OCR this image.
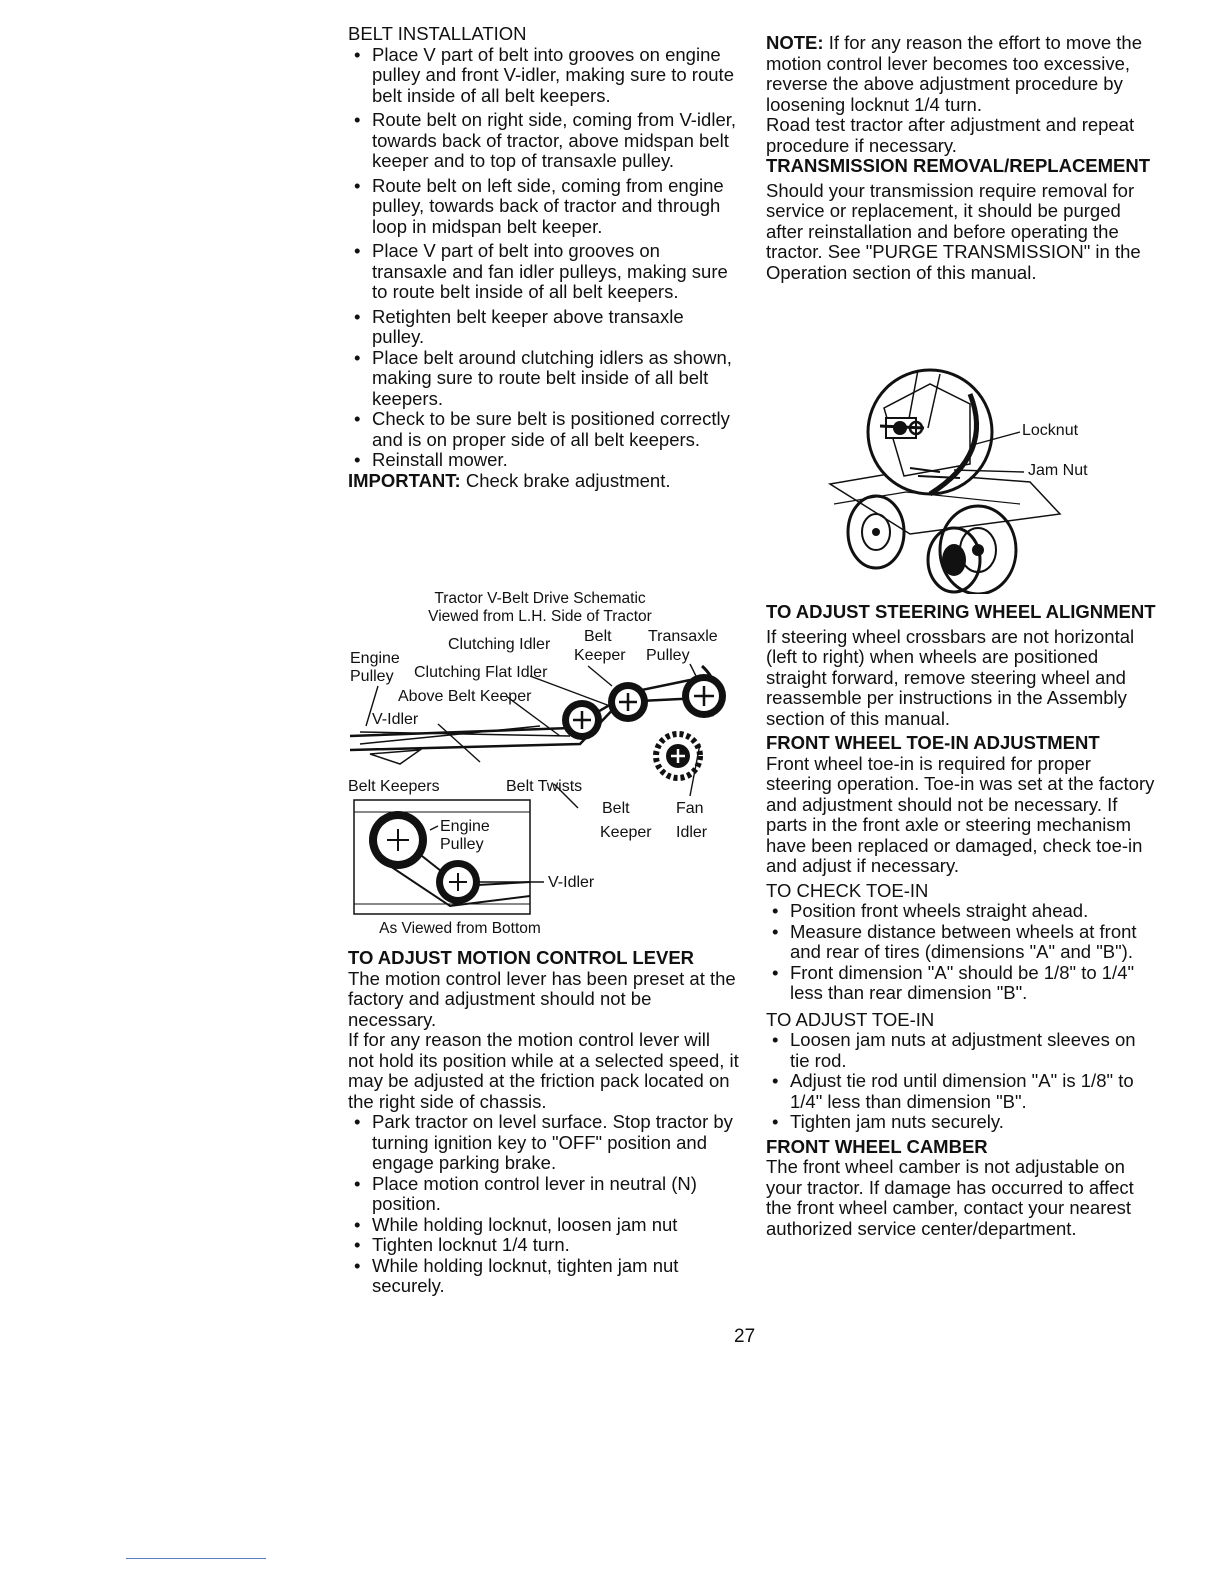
BELT INSTALLATION

• Place V part of belt into grooves on engine pulley and front V-idler, making sure to route belt inside of all belt keepers.
• Route belt on right side, coming from V-idler, towards back of tractor, above midspan belt keeper and to top of transaxle pulley.
• Route belt on left side, coming from engine pulley, towards back of tractor and through loop in midspan belt keeper.
• Place V part of belt into grooves on transaxle and fan idler pulleys, making sure to route belt inside of all belt keepers.
• Retighten belt keeper above transaxle pulley.
• Place belt around clutching idlers as shown, making sure to route belt inside of all belt keepers.
• Check to be sure belt is positioned correctly and is on proper side of all belt keepers.
• Reinstall mower.

IMPORTANT: Check brake adjustment.

Tractor V-Belt Drive Schematic
Viewed from L.H. Side of Tractor
Engine
Pulley
Clutching Idler Belt
Keeper
Transaxle
Pulley
Clutching Flat Idler
Above Belt Keeper
V-Idler
Belt Keepers	Belt Twists
Belt
Keeper
Fan
Idler
Engine
Pulley
V-Idler
As Viewed from Bottom

TO ADJUST MOTION CONTROL LEVER

The motion control lever has been preset at the factory and adjustment should not be necessary.

If for any reason the motion control lever will not hold its position while at a selected speed, it may be adjusted at the friction pack located on the right side of chassis.

• Park tractor on level surface. Stop tractor by turning ignition key to "OFF" position and engage parking brake.
• Place motion control lever in neutral (N) position.
• While holding locknut, loosen jam nut
• Tighten locknut 1/4 turn.
• While holding locknut, tighten jam nut securely.

NOTE: If for any reason the effort to move the motion control lever becomes too excessive, reverse the above adjustment procedure by loosening locknut 1/4 turn.

Road test tractor after adjustment and repeat procedure if necessary.

TRANSMISSION REMOVAL/REPLACEMENT

Should your transmission require removal for service or replacement, it should be purged after reinstallation and before operating the tractor. See "PURGE TRANSMISSION" in the Operation section of this manual.

Locknut
Jam Nut

TO ADJUST STEERING WHEEL ALIGNMENT

If steering wheel crossbars are not horizontal (left to right) when wheels are positioned straight forward, remove steering wheel and reassemble per instructions in the Assembly section of this manual.

FRONT WHEEL TOE-IN ADJUSTMENT

Front wheel toe-in is required for proper steering operation. Toe-in was set at the factory and adjustment should not be necessary. If parts in the front axle or steering mechanism have been replaced or damaged, check toe-in and adjust if necessary.

TO CHECK TOE-IN

• Position front wheels straight ahead.
• Measure distance between wheels at front and rear of tires (dimensions "A" and "B").
• Front dimension "A" should be 1/8" to 1/4" less than rear dimension "B".

TO ADJUST TOE-IN

• Loosen jam nuts at adjustment sleeves on tie rod.
• Adjust tie rod until dimension "A" is 1/8" to 1/4" less than dimension "B".
• Tighten jam nuts securely.

FRONT WHEEL CAMBER

The front wheel camber is not adjustable on your tractor. If damage has occurred to affect the front wheel camber, contact your nearest authorized service center/department.

27
